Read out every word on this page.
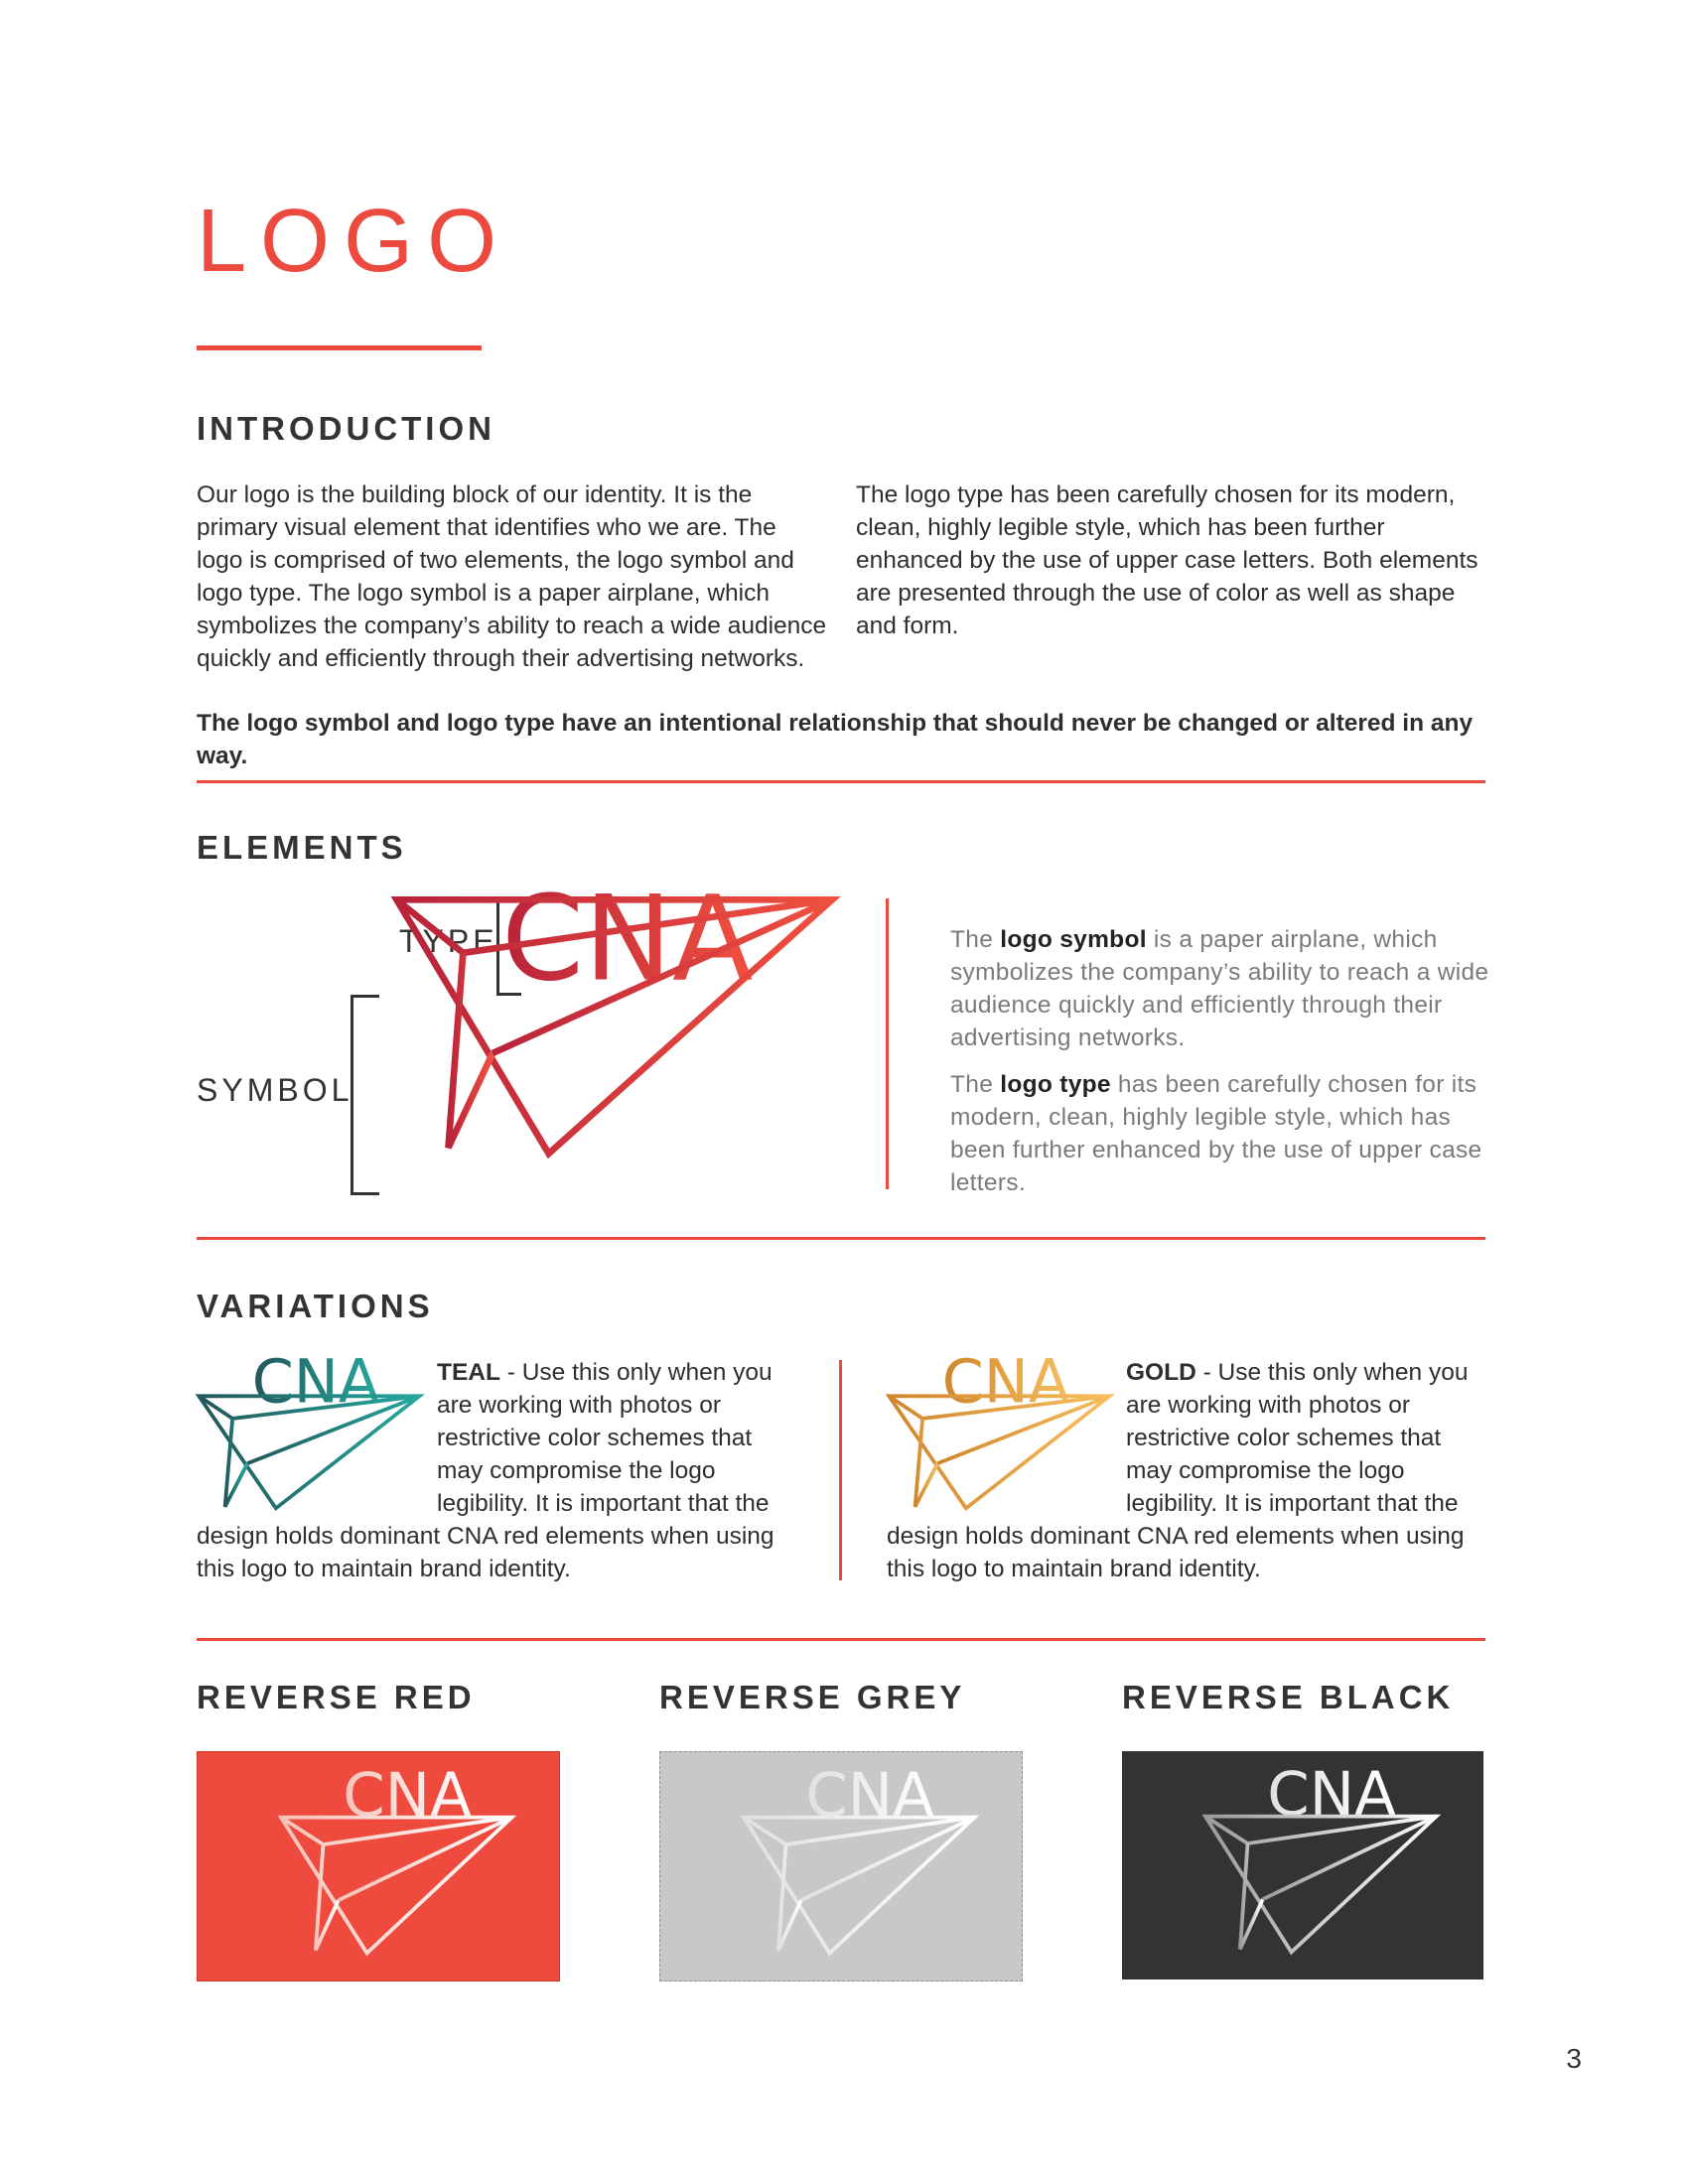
LOGO
INTRODUCTION

Our logo is the building block of our identity. It is the primary visual element that identifies who we are. The logo is comprised of two elements, the logo symbol and logo type. The logo symbol is a paper airplane, which symbolizes the company’s ability to reach a wide audience quickly and efficiently through their advertising networks.

The logo type has been carefully chosen for its modern, clean, highly legible style, which has been further enhanced by the use of upper case letters. Both elements are presented through the use of color as well as shape and form.

The logo symbol and logo type have an intentional relationship that should never be changed or altered in any way.

ELEMENTS
TYPE
SYMBOL
CNA	The logo symbol is a paper airplane, which symbolizes the company’s ability to reach a wide audience quickly and efficiently through their advertising networks.
The logo type has been carefully chosen for its modern, clean, highly legible style, which has been further enhanced by the use of upper case letters.
VARIATIONS
CNA TEAL - Use this only when you are working with photos or restrictive color schemes that may compromise the logo legibility. It is important that the
design holds dominant CNA red elements when using this logo to maintain brand identity.
CNA GOLD - Use this only when you are working with photos or restrictive color schemes that may compromise the logo legibility. It is important that the
design holds dominant CNA red elements when using this logo to maintain brand identity.
REVERSE RED	REVERSE GREY	REVERSE BLACK
CNA	CNA	CNA
3
